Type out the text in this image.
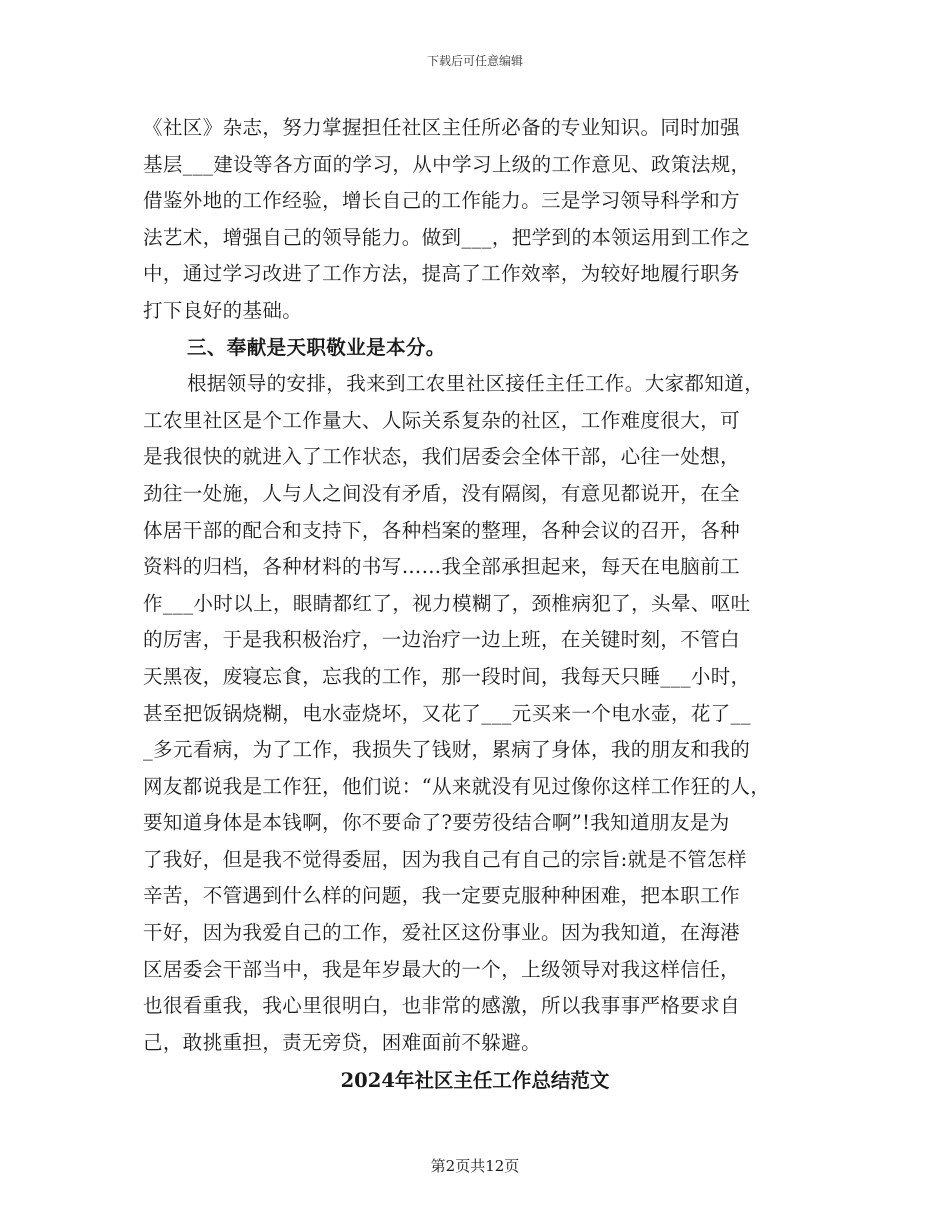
下载后可任意编辑
《社区》杂志，努力掌握担任社区主任所必备的专业知识。同时加强
基层___建设等各方面的学习，从中学习上级的工作意见、政策法规，
借鉴外地的工作经验，增长自己的工作能力。三是学习领导科学和方
法艺术，增强自己的领导能力。做到___，把学到的本领运用到工作之
中，通过学习改进了工作方法，提高了工作效率，为较好地履行职务
打下良好的基础。
三、奉献是天职敬业是本分。
根据领导的安排，我来到工农里社区接任主任工作。大家都知道，
工农里社区是个工作量大、人际关系复杂的社区，工作难度很大，可
是我很快的就进入了工作状态，我们居委会全体干部，心往一处想，
劲往一处施，人与人之间没有矛盾，没有隔阂，有意见都说开，在全
体居干部的配合和支持下，各种档案的整理，各种会议的召开，各种
资料的归档，各种材料的书写……我全部承担起来，每天在电脑前工
作___小时以上，眼睛都红了，视力模糊了，颈椎病犯了，头晕、呕吐
的厉害，于是我积极治疗，一边治疗一边上班，在关键时刻，不管白
天黑夜，废寝忘食，忘我的工作，那一段时间，我每天只睡___小时，
甚至把饭锅烧糊，电水壶烧坏，又花了___元买来一个电水壶，花了__
_多元看病，为了工作，我损失了钱财，累病了身体，我的朋友和我的
网友都说我是工作狂，他们说：“从来就没有见过像你这样工作狂的人，
要知道身体是本钱啊，你不要命了?要劳役结合啊”!我知道朋友是为
了我好，但是我不觉得委屈，因为我自己有自己的宗旨:就是不管怎样
辛苦，不管遇到什么样的问题，我一定要克服种种困难，把本职工作
干好，因为我爱自己的工作，爱社区这份事业。因为我知道，在海港
区居委会干部当中，我是年岁最大的一个，上级领导对我这样信任，
也很看重我，我心里很明白，也非常的感激，所以我事事严格要求自
己，敢挑重担，责无旁贷，困难面前不躲避。
2024年社区主任工作总结范文
第2页共12页
